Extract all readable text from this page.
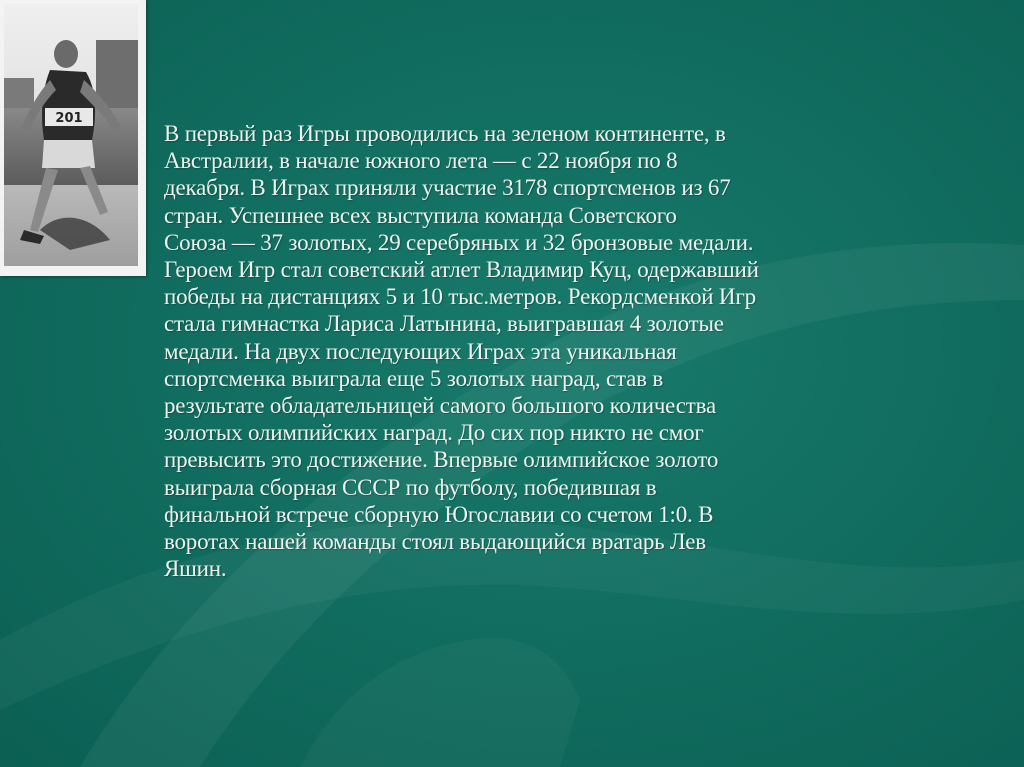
201

В первый раз Игры проводились на зеленом континенте, в
Австралии, в начале южного лета — с 22 ноября по 8
декабря. В Играх приняли участие 3178 спортсменов из 67
стран. Успешнее всех выступила команда Советского
Союза — 37 золотых, 29 серебряных и 32 бронзовые медали.
Героем Игр стал советский атлет Владимир Куц, одержавший
победы на дистанциях 5 и 10 тыс.метров. Рекордсменкой Игр
стала гимнастка Лариса Латынина, выигравшая 4 золотые
медали. На двух последующих Играх эта уникальная
спортсменка выиграла еще 5 золотых наград, став в
результате обладательницей самого большого количества
золотых олимпийских наград. До сих пор никто не смог
превысить это достижение. Впервые олимпийское золото
выиграла сборная СССР по футболу, победившая в
финальной встрече сборную Югославии со счетом 1:0. В
воротах нашей команды стоял выдающийся вратарь Лев
Яшин.
